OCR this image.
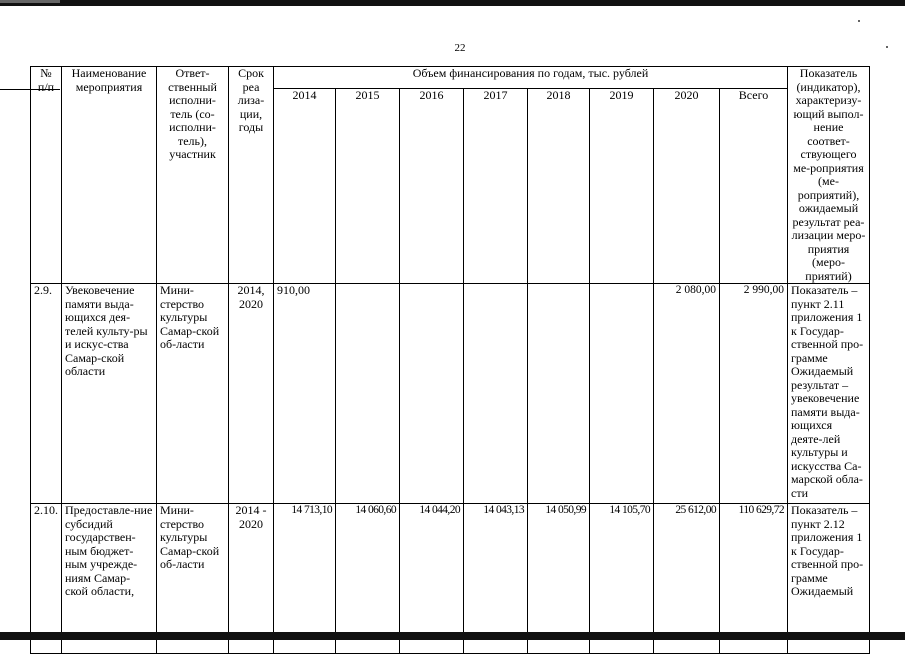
22
№ п/п	Наименование мероприятия	Ответ-ственный исполни-тель (со-исполни-тель), участник	Срок реа лиза-ции, годы	Объем финансирования по годам, тыс. рублей								Показатель (индикатор), характеризу-ющий выпол-нение соответ-ствующего ме-роприятия (ме-роприятий), ожидаемый результат реа-лизации меро-приятия (меро-приятий)
				2014	2015	2016	2017	2018	2019	2020	Всего	
2.9.	Увековечение памяти выда-ющихся дея-телей культу-ры и искус-ства Самар-ской области	Мини-стерство культуры Самар-ской об-ласти	2014, 2020	910,00						2 080,00	2 990,00	Показатель – пункт 2.11 приложения 1 к Государ-ственной про-грамме Ожидаемый результат – увековечение памяти выда-ющихся деяте-лей культуры и искусства Са-марской обла-сти
2.10.	Предоставле-ние субсидий государствен-ным бюджет-ным учрежде-ниям Самар-ской области,	Мини-стерство культуры Самар-ской об-ласти	2014 - 2020	14 713,10	14 060,60	14 044,20	14 043,13	14 050,99	14 105,70	25 612,00	110 629,72	Показатель – пункт 2.12 приложения 1 к Государ-ственной про-грамме Ожидаемый
